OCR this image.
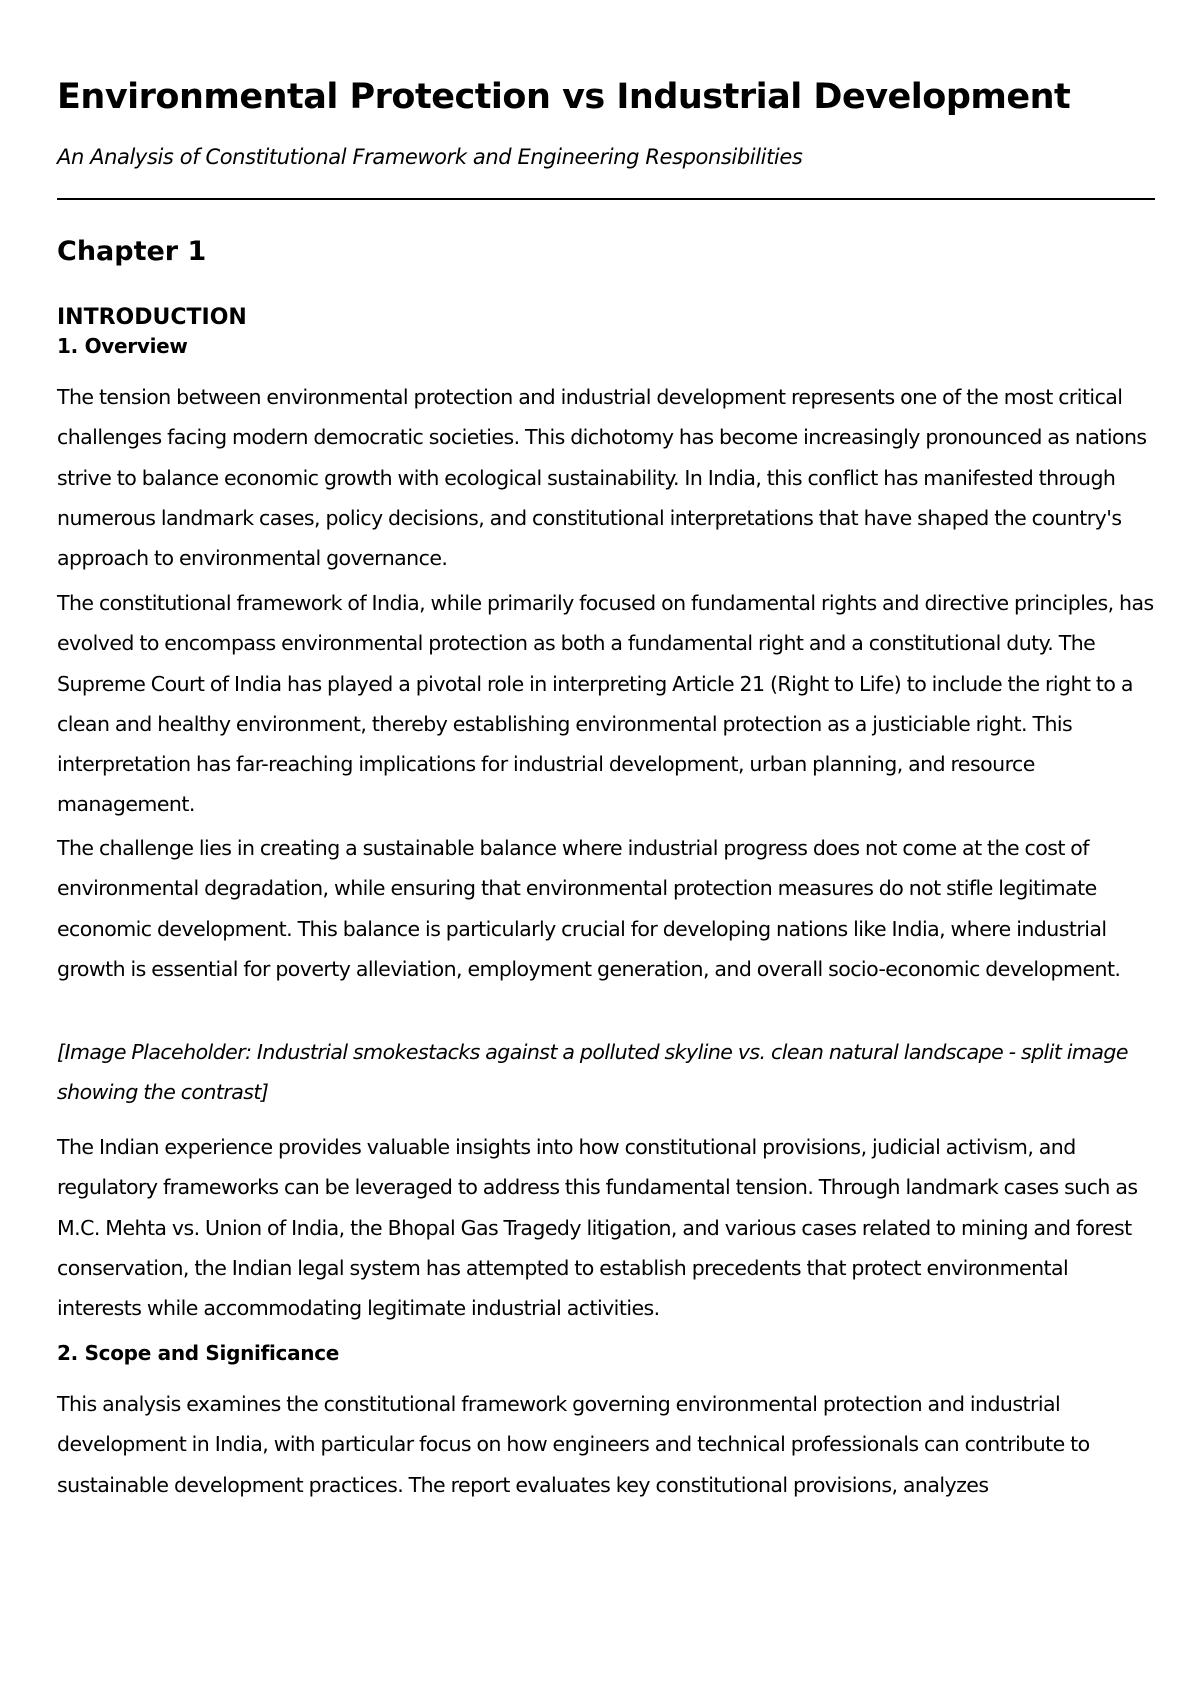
Environmental Protection vs Industrial Development

An Analysis of Constitutional Framework and Engineering Responsibilities

Chapter 1
INTRODUCTION
1. Overview

The tension between environmental protection and industrial development represents one of the most critical challenges facing modern democratic societies. This dichotomy has become increasingly pronounced as nations strive to balance economic growth with ecological sustainability. In India, this conflict has manifested through numerous landmark cases, policy decisions, and constitutional interpretations that have shaped the country's approach to environmental governance.

The constitutional framework of India, while primarily focused on fundamental rights and directive principles, has evolved to encompass environmental protection as both a fundamental right and a constitutional duty. The Supreme Court of India has played a pivotal role in interpreting Article 21 (Right to Life) to include the right to a clean and healthy environment, thereby establishing environmental protection as a justiciable right. This interpretation has far-reaching implications for industrial development, urban planning, and resource management.

The challenge lies in creating a sustainable balance where industrial progress does not come at the cost of environmental degradation, while ensuring that environmental protection measures do not stifle legitimate economic development. This balance is particularly crucial for developing nations like India, where industrial growth is essential for poverty alleviation, employment generation, and overall socio-economic development.

[Image Placeholder: Industrial smokestacks against a polluted skyline vs. clean natural landscape - split image showing the contrast]

The Indian experience provides valuable insights into how constitutional provisions, judicial activism, and regulatory frameworks can be leveraged to address this fundamental tension. Through landmark cases such as M.C. Mehta vs. Union of India, the Bhopal Gas Tragedy litigation, and various cases related to mining and forest conservation, the Indian legal system has attempted to establish precedents that protect environmental interests while accommodating legitimate industrial activities.

2. Scope and Significance

This analysis examines the constitutional framework governing environmental protection and industrial development in India, with particular focus on how engineers and technical professionals can contribute to sustainable development practices. The report evaluates key constitutional provisions, analyzes
